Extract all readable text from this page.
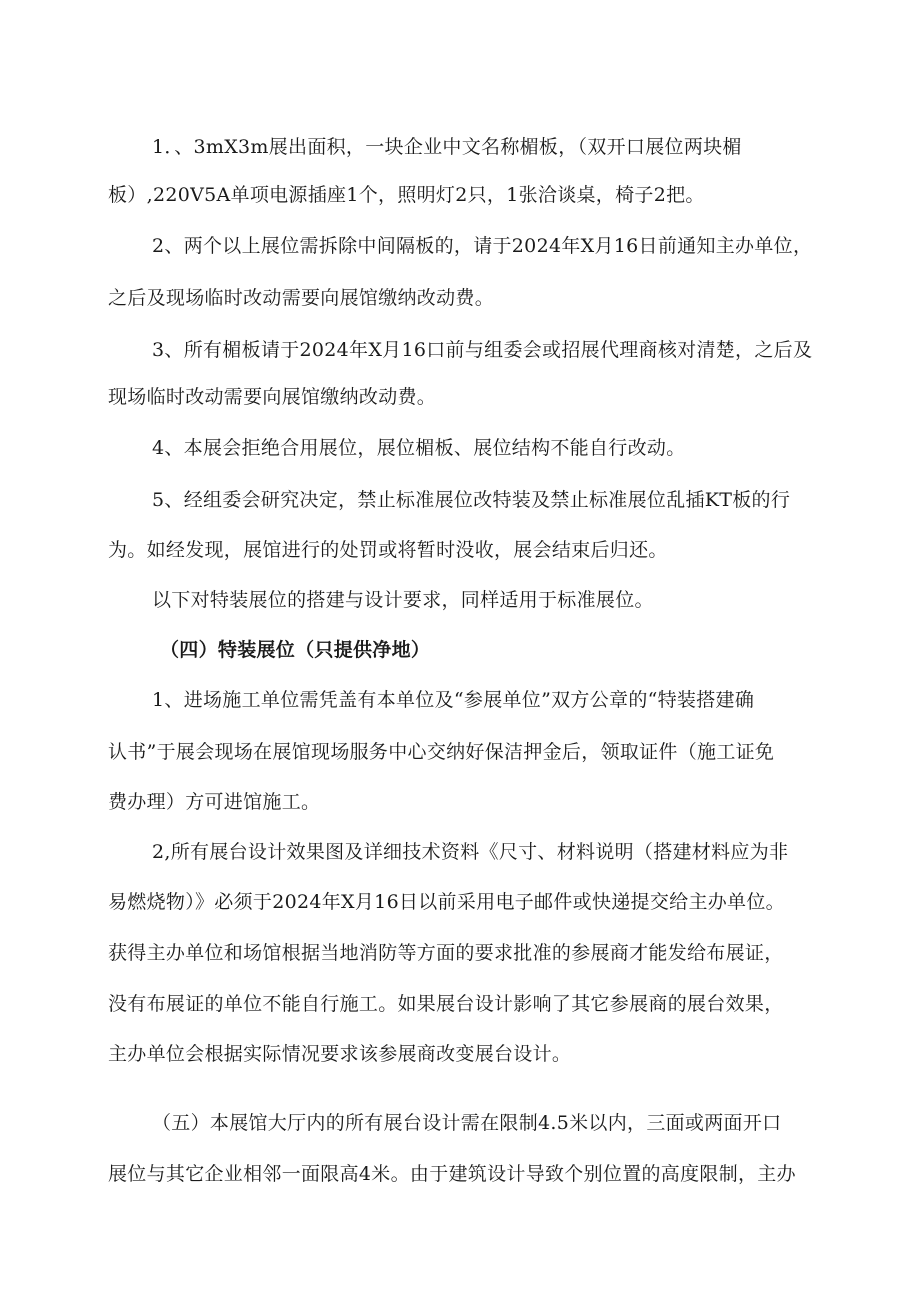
1．、3mX3m展出面积，一块企业中文名称楣板，（双开口展位两块楣
板）,220V5A单项电源插座1个，照明灯2只，1张洽谈桌，椅子2把。
2、两个以上展位需拆除中间隔板的，请于2024年X月16日前通知主办单位，
之后及现场临时改动需要向展馆缴纳改动费。
3、所有楣板请于2024年X月16口前与组委会或招展代理商核对清楚，之后及
现场临时改动需要向展馆缴纳改动费。
4、本展会拒绝合用展位，展位楣板、展位结构不能自行改动。
5、经组委会研究决定，禁止标准展位改特装及禁止标准展位乱插KT板的行
为。如经发现，展馆进行的处罚或将暂时没收，展会结束后归还。
以下对特装展位的搭建与设计要求，同样适用于标准展位。
（四）特装展位（只提供净地）
1、进场施工单位需凭盖有本单位及“参展单位”双方公章的“特装搭建确
认书”于展会现场在展馆现场服务中心交纳好保洁押金后，领取证件（施工证免
费办理）方可进馆施工。
2,所有展台设计效果图及详细技术资料《尺寸、材料说明（搭建材料应为非
易燃烧物）》必须于2024年X月16日以前采用电子邮件或快递提交给主办单位。
获得主办单位和场馆根据当地消防等方面的要求批准的参展商才能发给布展证，
没有布展证的单位不能自行施工。如果展台设计影响了其它参展商的展台效果，
主办单位会根据实际情况要求该参展商改变展台设计。
（五）本展馆大厅内的所有展台设计需在限制4.5米以内，三面或两面开口
展位与其它企业相邻一面限高4米。由于建筑设计导致个别位置的高度限制，主办
